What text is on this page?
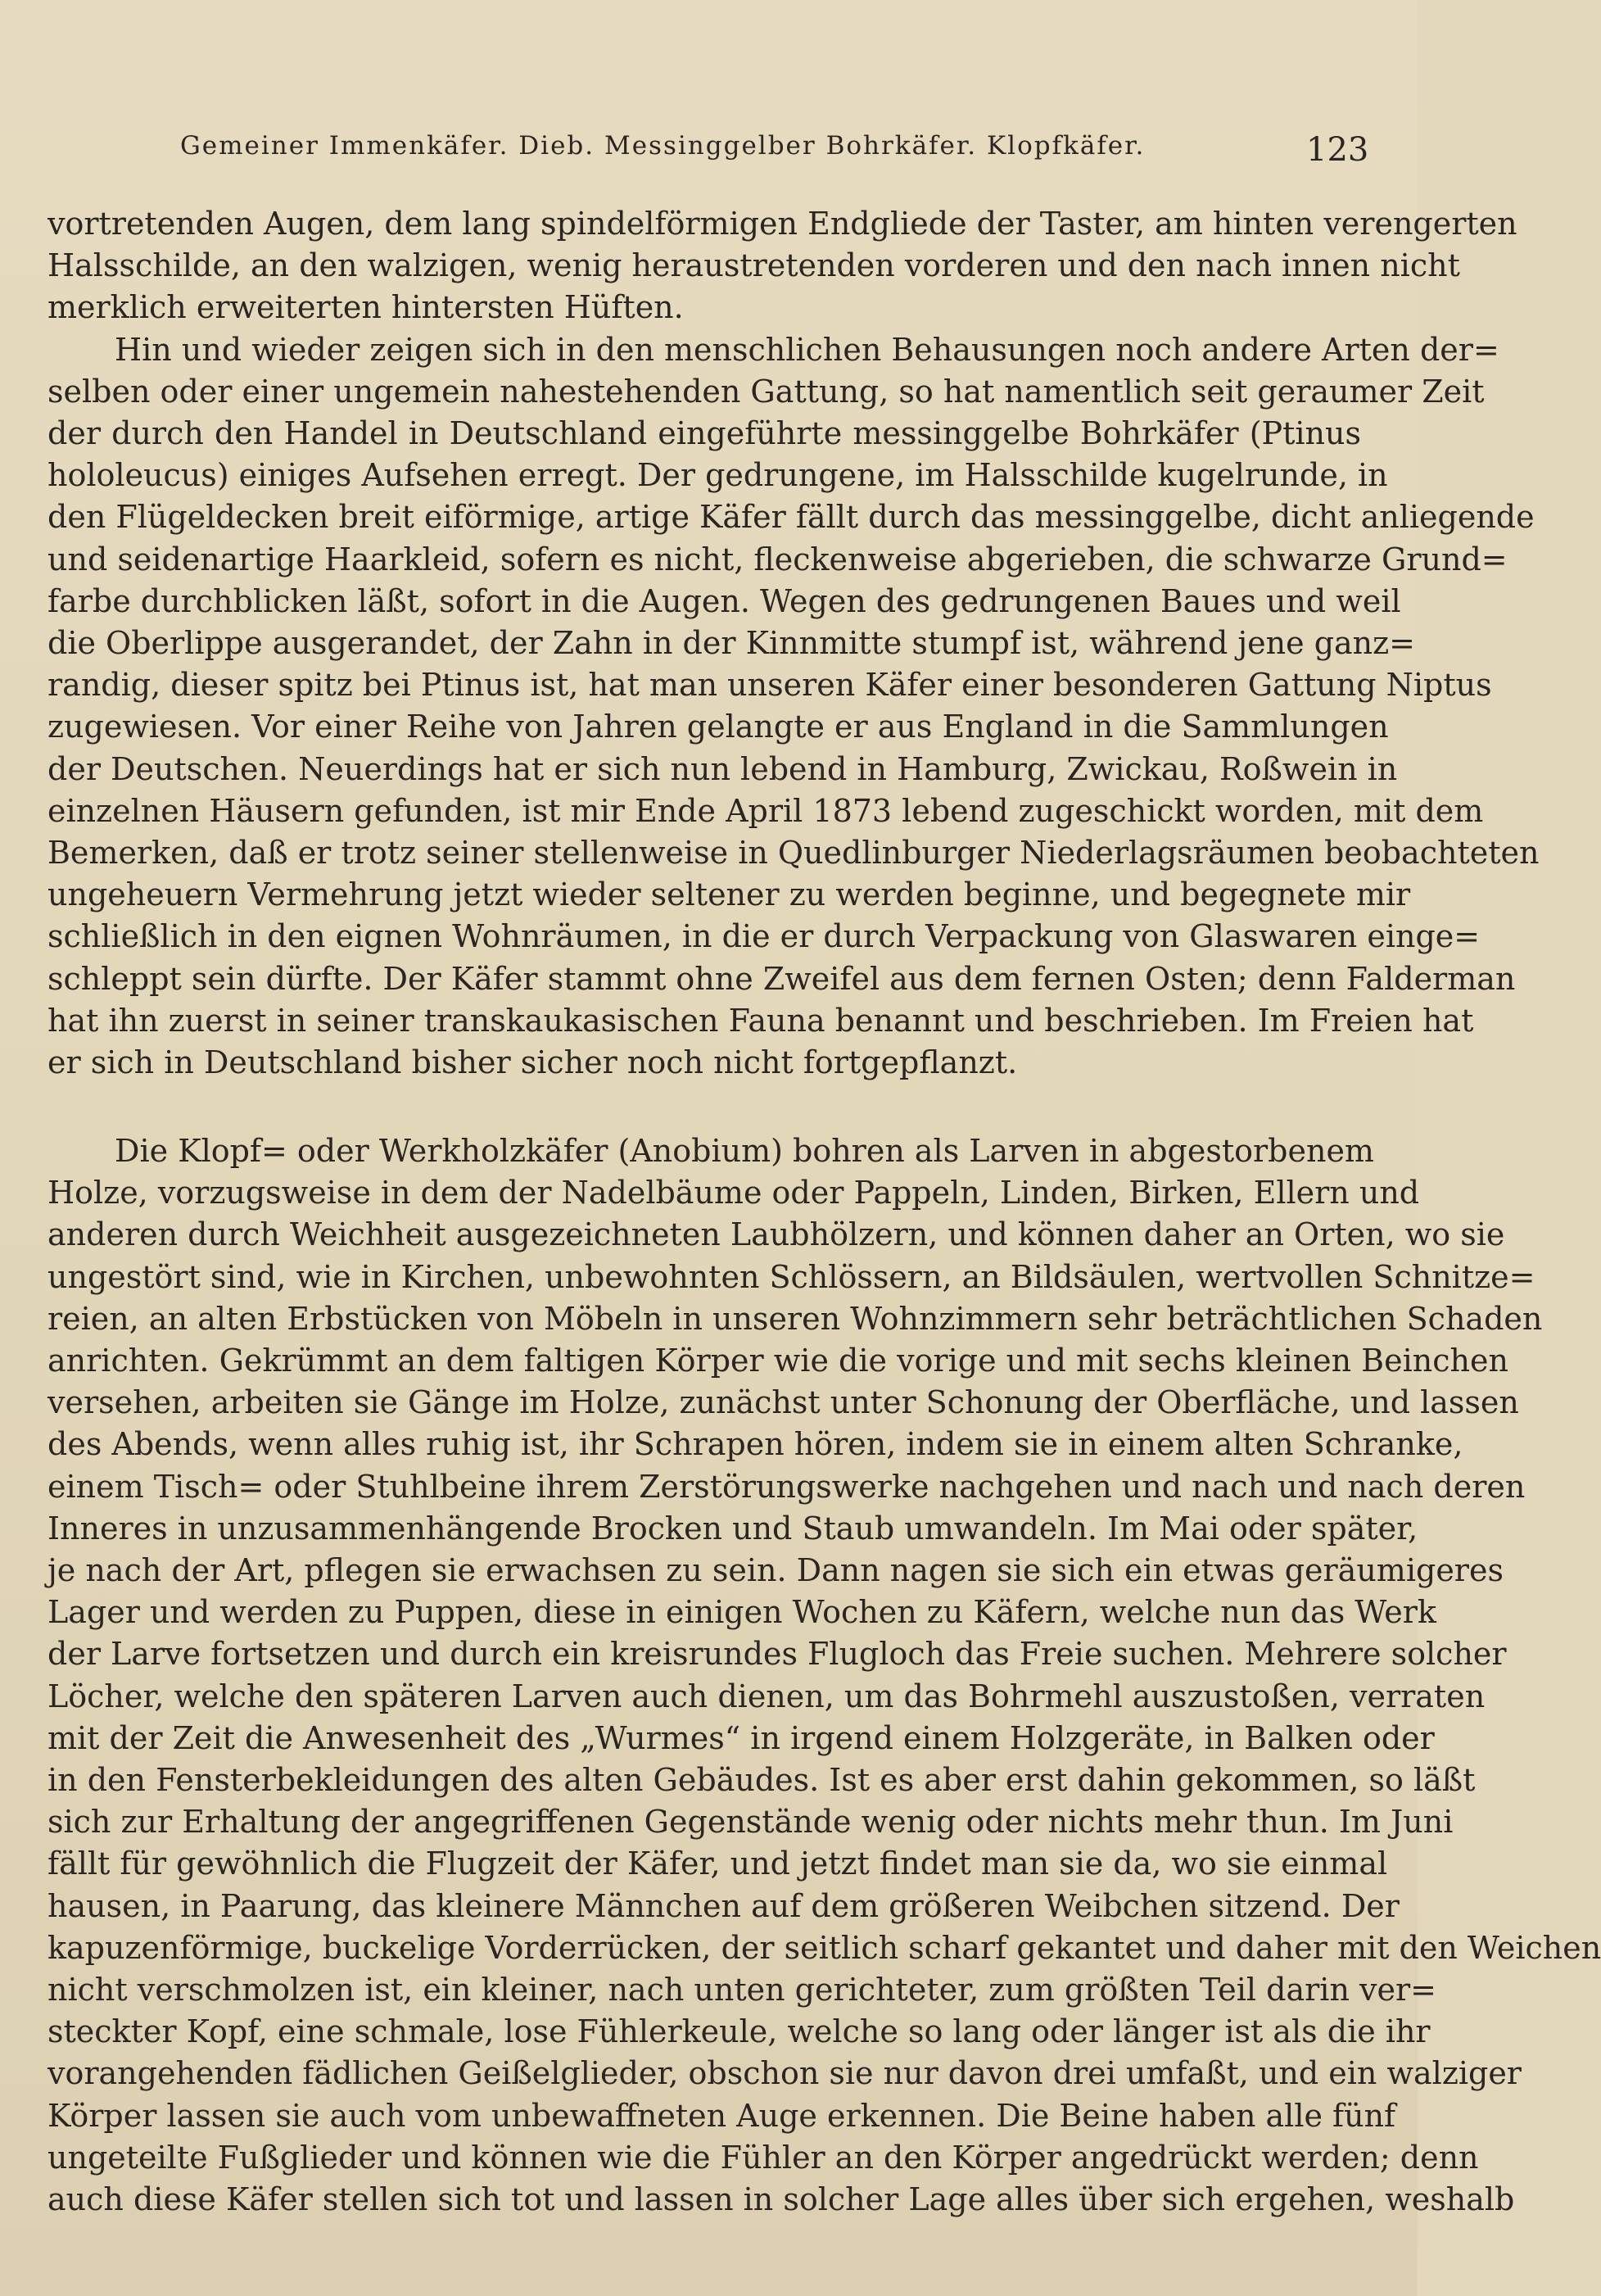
Gemeiner Immenkäfer. Dieb. Messinggelber Bohrkäfer. Klopfkäfer.	123

vortretenden Augen, dem lang spindelförmigen Endgliede der Taster, am hinten verengerten
Halsschilde, an den walzigen, wenig heraustretenden vorderen und den nach innen nicht
merklich erweiterten hintersten Hüften.

Hin und wieder zeigen sich in den menschlichen Behausungen noch andere Arten der=
selben oder einer ungemein nahestehenden Gattung, so hat namentlich seit geraumer Zeit
der durch den Handel in Deutschland eingeführte messinggelbe Bohrkäfer (Ptinus
hololeucus) einiges Aufsehen erregt. Der gedrungene, im Halsschilde kugelrunde, in
den Flügeldecken breit eiförmige, artige Käfer fällt durch das messinggelbe, dicht anliegende
und seidenartige Haarkleid, sofern es nicht, fleckenweise abgerieben, die schwarze Grund=
farbe durchblicken läßt, sofort in die Augen. Wegen des gedrungenen Baues und weil
die Oberlippe ausgerandet, der Zahn in der Kinnmitte stumpf ist, während jene ganz=
randig, dieser spitz bei Ptinus ist, hat man unseren Käfer einer besonderen Gattung Niptus
zugewiesen. Vor einer Reihe von Jahren gelangte er aus England in die Sammlungen
der Deutschen. Neuerdings hat er sich nun lebend in Hamburg, Zwickau, Roßwein in
einzelnen Häusern gefunden, ist mir Ende April 1873 lebend zugeschickt worden, mit dem
Bemerken, daß er trotz seiner stellenweise in Quedlinburger Niederlagsräumen beobachteten
ungeheuern Vermehrung jetzt wieder seltener zu werden beginne, und begegnete mir
schließlich in den eignen Wohnräumen, in die er durch Verpackung von Glaswaren einge=
schleppt sein dürfte. Der Käfer stammt ohne Zweifel aus dem fernen Osten; denn Falderman
hat ihn zuerst in seiner transkaukasischen Fauna benannt und beschrieben. Im Freien hat
er sich in Deutschland bisher sicher noch nicht fortgepflanzt.

Die Klopf= oder Werkholzkäfer (Anobium) bohren als Larven in abgestorbenem
Holze, vorzugsweise in dem der Nadelbäume oder Pappeln, Linden, Birken, Ellern und
anderen durch Weichheit ausgezeichneten Laubhölzern, und können daher an Orten, wo sie
ungestört sind, wie in Kirchen, unbewohnten Schlössern, an Bildsäulen, wertvollen Schnitze=
reien, an alten Erbstücken von Möbeln in unseren Wohnzimmern sehr beträchtlichen Schaden
anrichten. Gekrümmt an dem faltigen Körper wie die vorige und mit sechs kleinen Beinchen
versehen, arbeiten sie Gänge im Holze, zunächst unter Schonung der Oberfläche, und lassen
des Abends, wenn alles ruhig ist, ihr Schrapen hören, indem sie in einem alten Schranke,
einem Tisch= oder Stuhlbeine ihrem Zerstörungswerke nachgehen und nach und nach deren
Inneres in unzusammenhängende Brocken und Staub umwandeln. Im Mai oder später,
je nach der Art, pflegen sie erwachsen zu sein. Dann nagen sie sich ein etwas geräumigeres
Lager und werden zu Puppen, diese in einigen Wochen zu Käfern, welche nun das Werk
der Larve fortsetzen und durch ein kreisrundes Flugloch das Freie suchen. Mehrere solcher
Löcher, welche den späteren Larven auch dienen, um das Bohrmehl auszustoßen, verraten
mit der Zeit die Anwesenheit des „Wurmes“ in irgend einem Holzgeräte, in Balken oder
in den Fensterbekleidungen des alten Gebäudes. Ist es aber erst dahin gekommen, so läßt
sich zur Erhaltung der angegriffenen Gegenstände wenig oder nichts mehr thun. Im Juni
fällt für gewöhnlich die Flugzeit der Käfer, und jetzt findet man sie da, wo sie einmal
hausen, in Paarung, das kleinere Männchen auf dem größeren Weibchen sitzend. Der
kapuzenförmige, buckelige Vorderrücken, der seitlich scharf gekantet und daher mit den Weichen
nicht verschmolzen ist, ein kleiner, nach unten gerichteter, zum größten Teil darin ver=
steckter Kopf, eine schmale, lose Fühlerkeule, welche so lang oder länger ist als die ihr
vorangehenden fädlichen Geißelglieder, obschon sie nur davon drei umfaßt, und ein walziger
Körper lassen sie auch vom unbewaffneten Auge erkennen. Die Beine haben alle fünf
ungeteilte Fußglieder und können wie die Fühler an den Körper angedrückt werden; denn
auch diese Käfer stellen sich tot und lassen in solcher Lage alles über sich ergehen, weshalb
